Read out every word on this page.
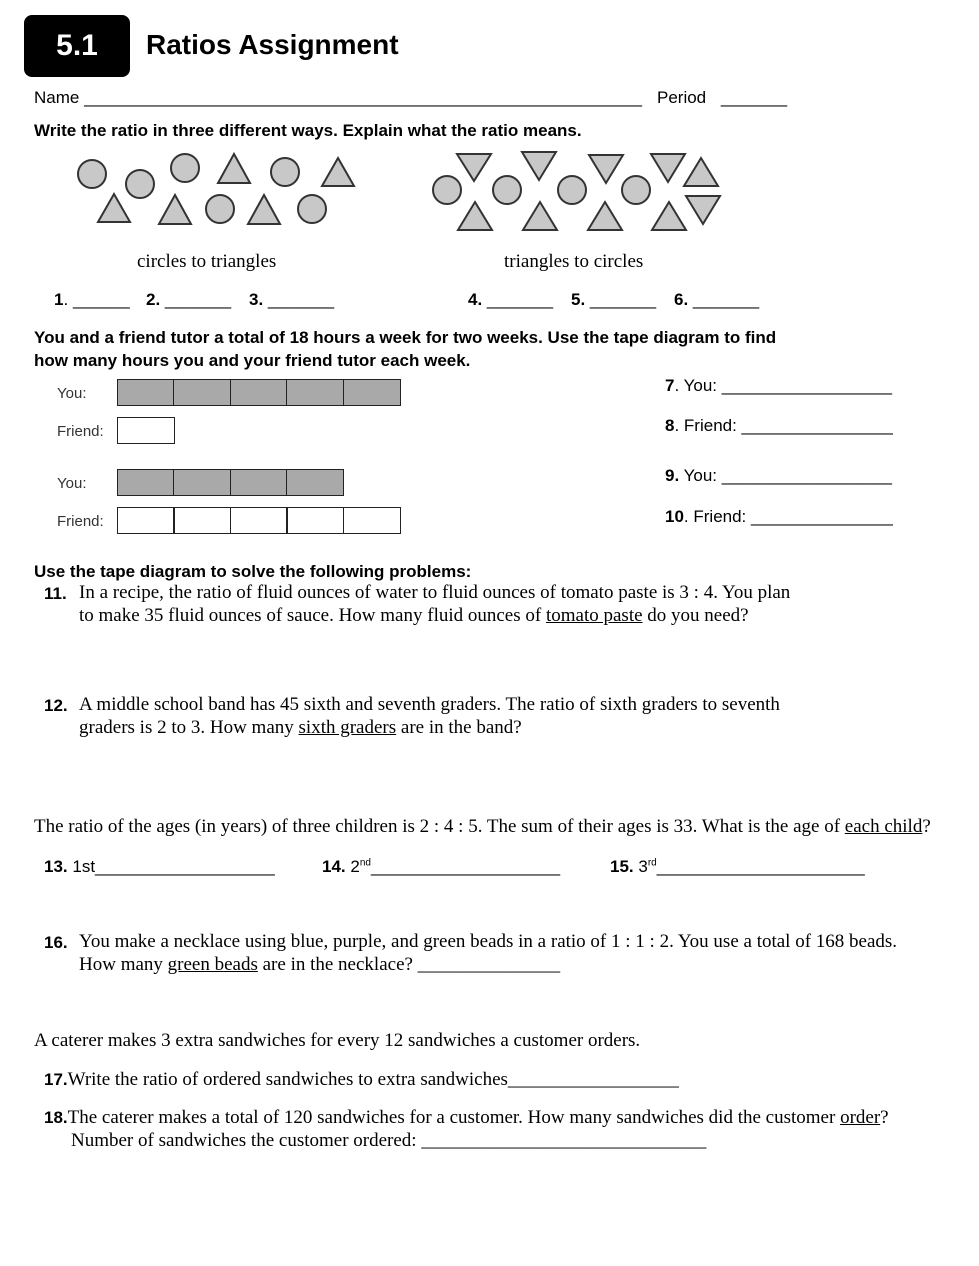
5.1 Ratios Assignment
Name ___________________________________________________________ Period _______
Write the ratio in three different ways. Explain what the ratio means.
circles to triangles	triangles to circles
1. ______ 2. _______ 3. _______	4. _______ 5. _______ 6. _______
You and a friend tutor a total of 18 hours a week for two weeks. Use the tape diagram to find
how many hours you and your friend tutor each week.
You:
Friend:
You:
Friend:
7. You: __________________
8. Friend: ________________
9. You: __________________
10. Friend: _______________
Use the tape diagram to solve the following problems:
11. In a recipe, the ratio of fluid ounces of water to fluid ounces of tomato paste is 3 : 4. You plan
to make 35 fluid ounces of sauce. How many fluid ounces of tomato paste do you need?
12. A middle school band has 45 sixth and seventh graders. The ratio of sixth graders to seventh
graders is 2 to 3. How many sixth graders are in the band?
The ratio of the ages (in years) of three children is 2 : 4 : 5. The sum of their ages is 33. What is the age of each child?
13. 1st___________________	14. 2nd____________________	15. 3rd______________________
16. You make a necklace using blue, purple, and green beads in a ratio of 1 : 1 : 2. You use a total of 168 beads.
How many green beads are in the necklace? _______________
A caterer makes 3 extra sandwiches for every 12 sandwiches a customer orders.
17.Write the ratio of ordered sandwiches to extra sandwiches__________________
18.The caterer makes a total of 120 sandwiches for a customer. How many sandwiches did the customer order?
Number of sandwiches the customer ordered: ______________________________
